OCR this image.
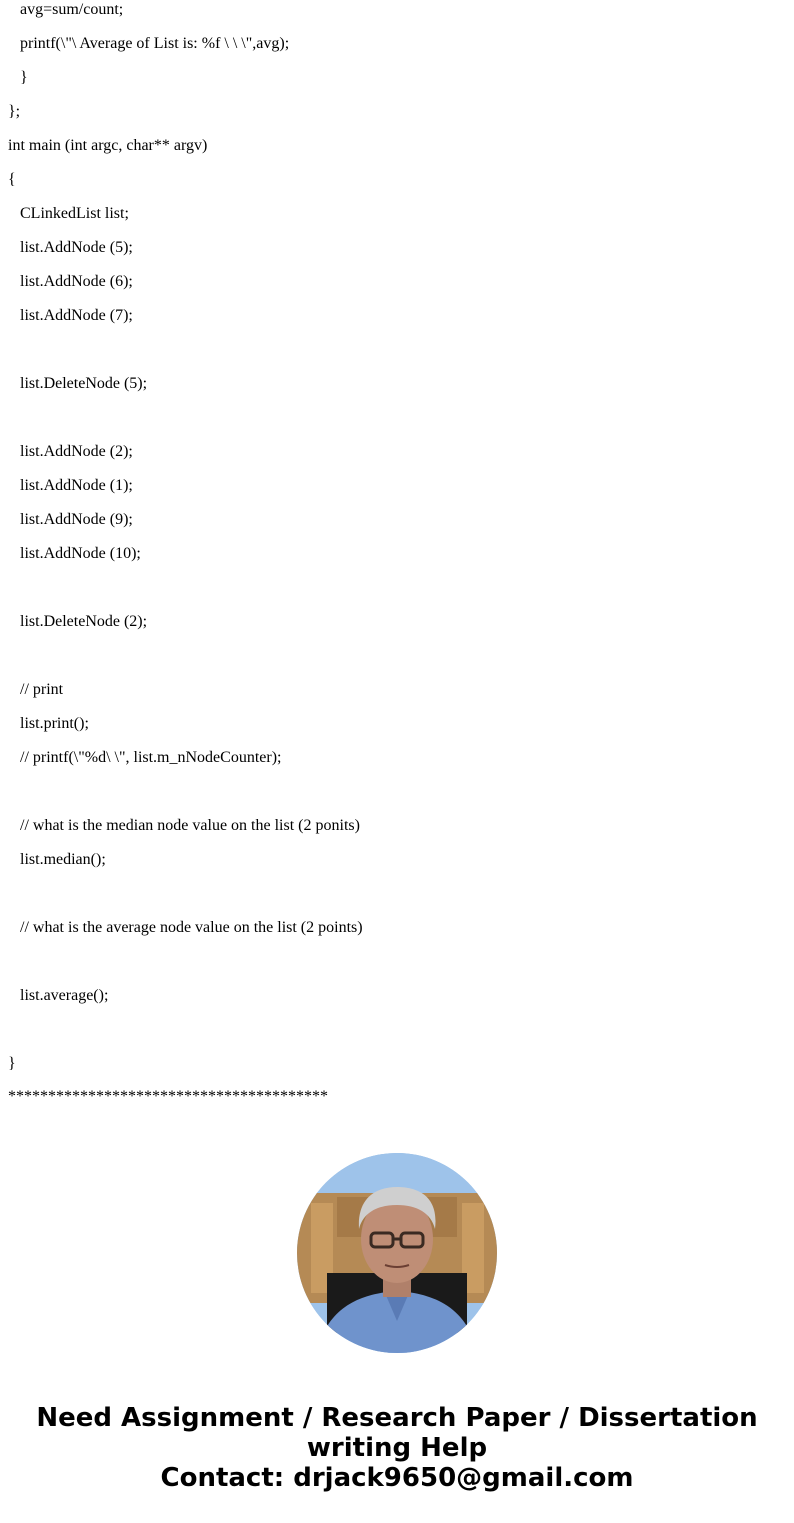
avg=sum/count;
printf(\"\ Average of List is: %f \ \ \",avg);
}
};
int main (int argc, char** argv)
{
CLinkedList list;
list.AddNode (5);
list.AddNode (6);
list.AddNode (7);
list.DeleteNode (5);
list.AddNode (2);
list.AddNode (1);
list.AddNode (9);
list.AddNode (10);
list.DeleteNode (2);
// print
list.print();
// printf(\"%d\ \", list.m_nNodeCounter);
// what is the median node value on the list (2 ponits)
list.median();
// what is the average node value on the list (2 points)
list.average();
}
****************************************
Need Assignment / Research Paper / Dissertation
writing Help
Contact: drjack9650@gmail.com
